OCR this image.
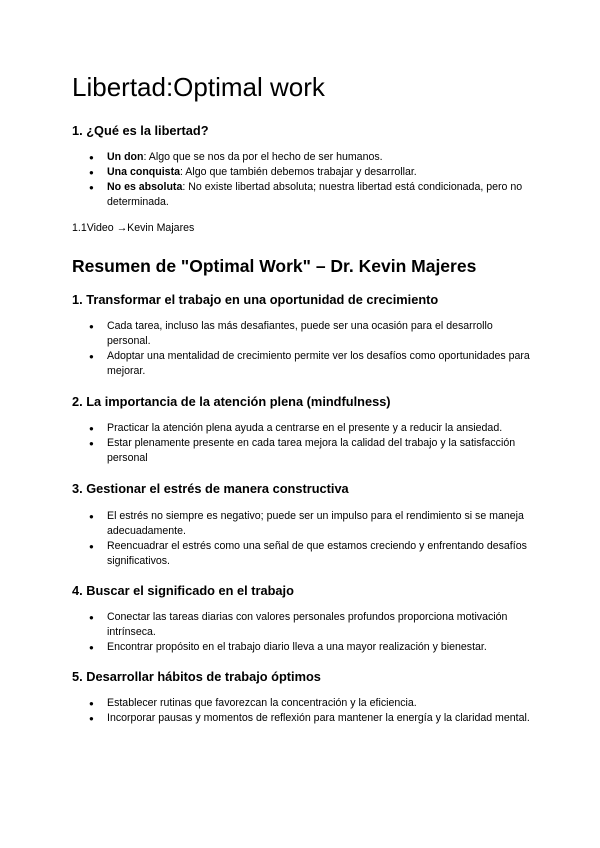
Libertad:Optimal work
1. ¿Qué es la libertad?
● Un don: Algo que se nos da por el hecho de ser humanos.
● Una conquista: Algo que también debemos trabajar y desarrollar.
● No es absoluta: No existe libertad absoluta; nuestra libertad está condicionada, pero no determinada.

1.1Video →Kevin Majares

Resumen de "Optimal Work" – Dr. Kevin Majeres
1. Transformar el trabajo en una oportunidad de crecimiento
● Cada tarea, incluso las más desafiantes, puede ser una ocasión para el desarrollo personal.
● Adoptar una mentalidad de crecimiento permite ver los desafíos como oportunidades para mejorar.
2. La importancia de la atención plena (mindfulness)
● Practicar la atención plena ayuda a centrarse en el presente y a reducir la ansiedad.
● Estar plenamente presente en cada tarea mejora la calidad del trabajo y la satisfacción personal
3. Gestionar el estrés de manera constructiva
● El estrés no siempre es negativo; puede ser un impulso para el rendimiento si se maneja adecuadamente.
● Reencuadrar el estrés como una señal de que estamos creciendo y enfrentando desafíos significativos.
4. Buscar el significado en el trabajo
● Conectar las tareas diarias con valores personales profundos proporciona motivación intrínseca.
● Encontrar propósito en el trabajo diario lleva a una mayor realización y bienestar.
5. Desarrollar hábitos de trabajo óptimos
● Establecer rutinas que favorezcan la concentración y la eficiencia.
● Incorporar pausas y momentos de reflexión para mantener la energía y la claridad mental.
